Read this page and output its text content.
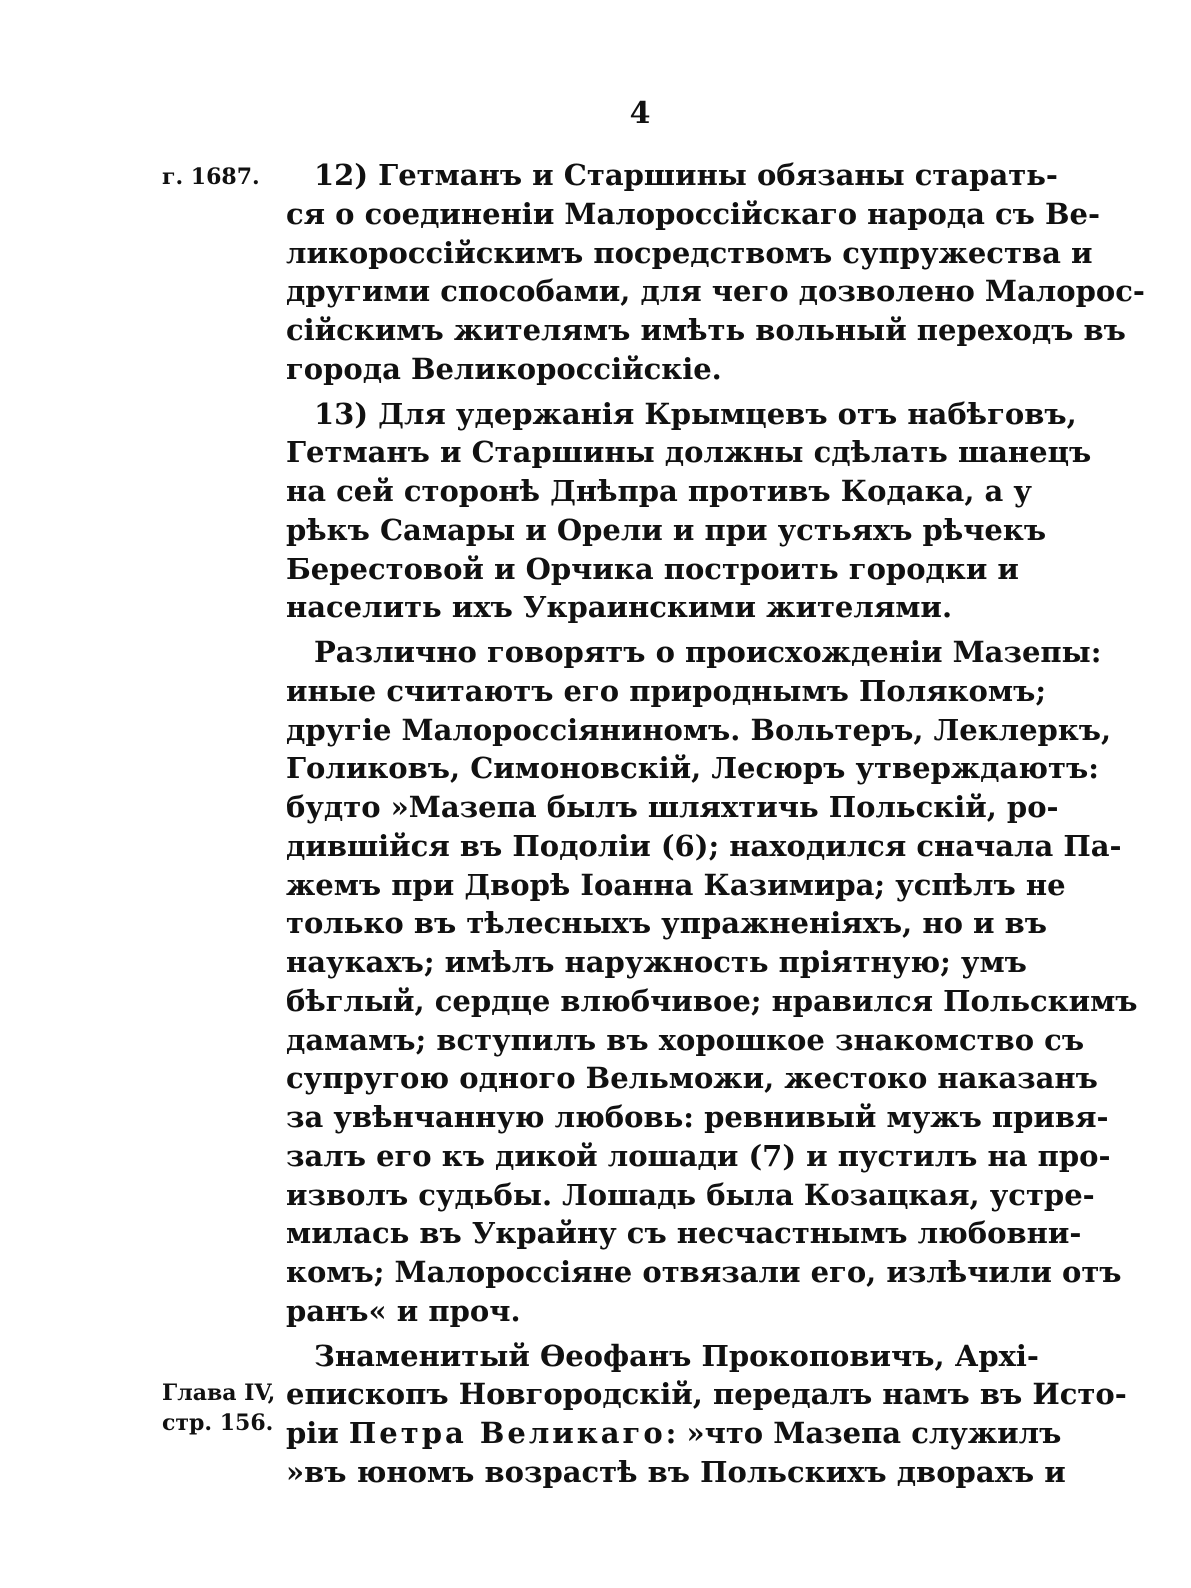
4
г. 1687.
Глава IV,
стр. 156.
12) Гетманъ и Старшины обязаны старать-
ся о соединеніи Малороссійскаго народа съ Ве-
ликороссійскимъ посредствомъ супружества и
другими способами, для чего дозволено Малорос-
сійскимъ жителямъ имѣть вольный переходъ въ
города Великороссійскіе.
13) Для удержанія Крымцевъ отъ набѣговъ,
Гетманъ и Старшины должны сдѣлать шанецъ
на сей сторонѣ Днѣпра противъ Кодака, а у
рѣкъ Самары и Орели и при устьяхъ рѣчекъ
Берестовой и Орчика построить городки и
населить ихъ Украинскими жителями.
Различно говорятъ о происхожденіи Мазепы:
иные считаютъ его природнымъ Полякомъ;
другіе Малороссіяниномъ. Вольтеръ, Леклеркъ,
Голиковъ, Симоновскій, Лесюръ утверждаютъ:
будто »Мазепа былъ шляхтичь Польскій, ро-
дившійся въ Подоліи (6); находился сначала Па-
жемъ при Дворѣ Іоанна Казимира; успѣлъ не
только въ тѣлесныхъ упражненіяхъ, но и въ
наукахъ; имѣлъ наружность пріятную; умъ
бѣглый, сердце влюбчивое; нравился Польскимъ
дамамъ; вступилъ въ хорошкое знакомство съ
супругою одного Вельможи, жестоко наказанъ
за увѣнчанную любовь: ревнивый мужъ привя-
залъ его къ дикой лошади (7) и пустилъ на про-
изволъ судьбы. Лошадь была Козацкая, устре-
милась въ Украйну съ несчастнымъ любовни-
комъ; Малороссіяне отвязали его, излѣчили отъ
ранъ« и проч.
Знаменитый Ѳеофанъ Прокоповичъ, Архі-
епископъ Новгородскій, передалъ намъ въ Исто-
ріи Петра Великаго: »что Мазепа служилъ
»въ юномъ возрастѣ въ Польскихъ дворахъ и
